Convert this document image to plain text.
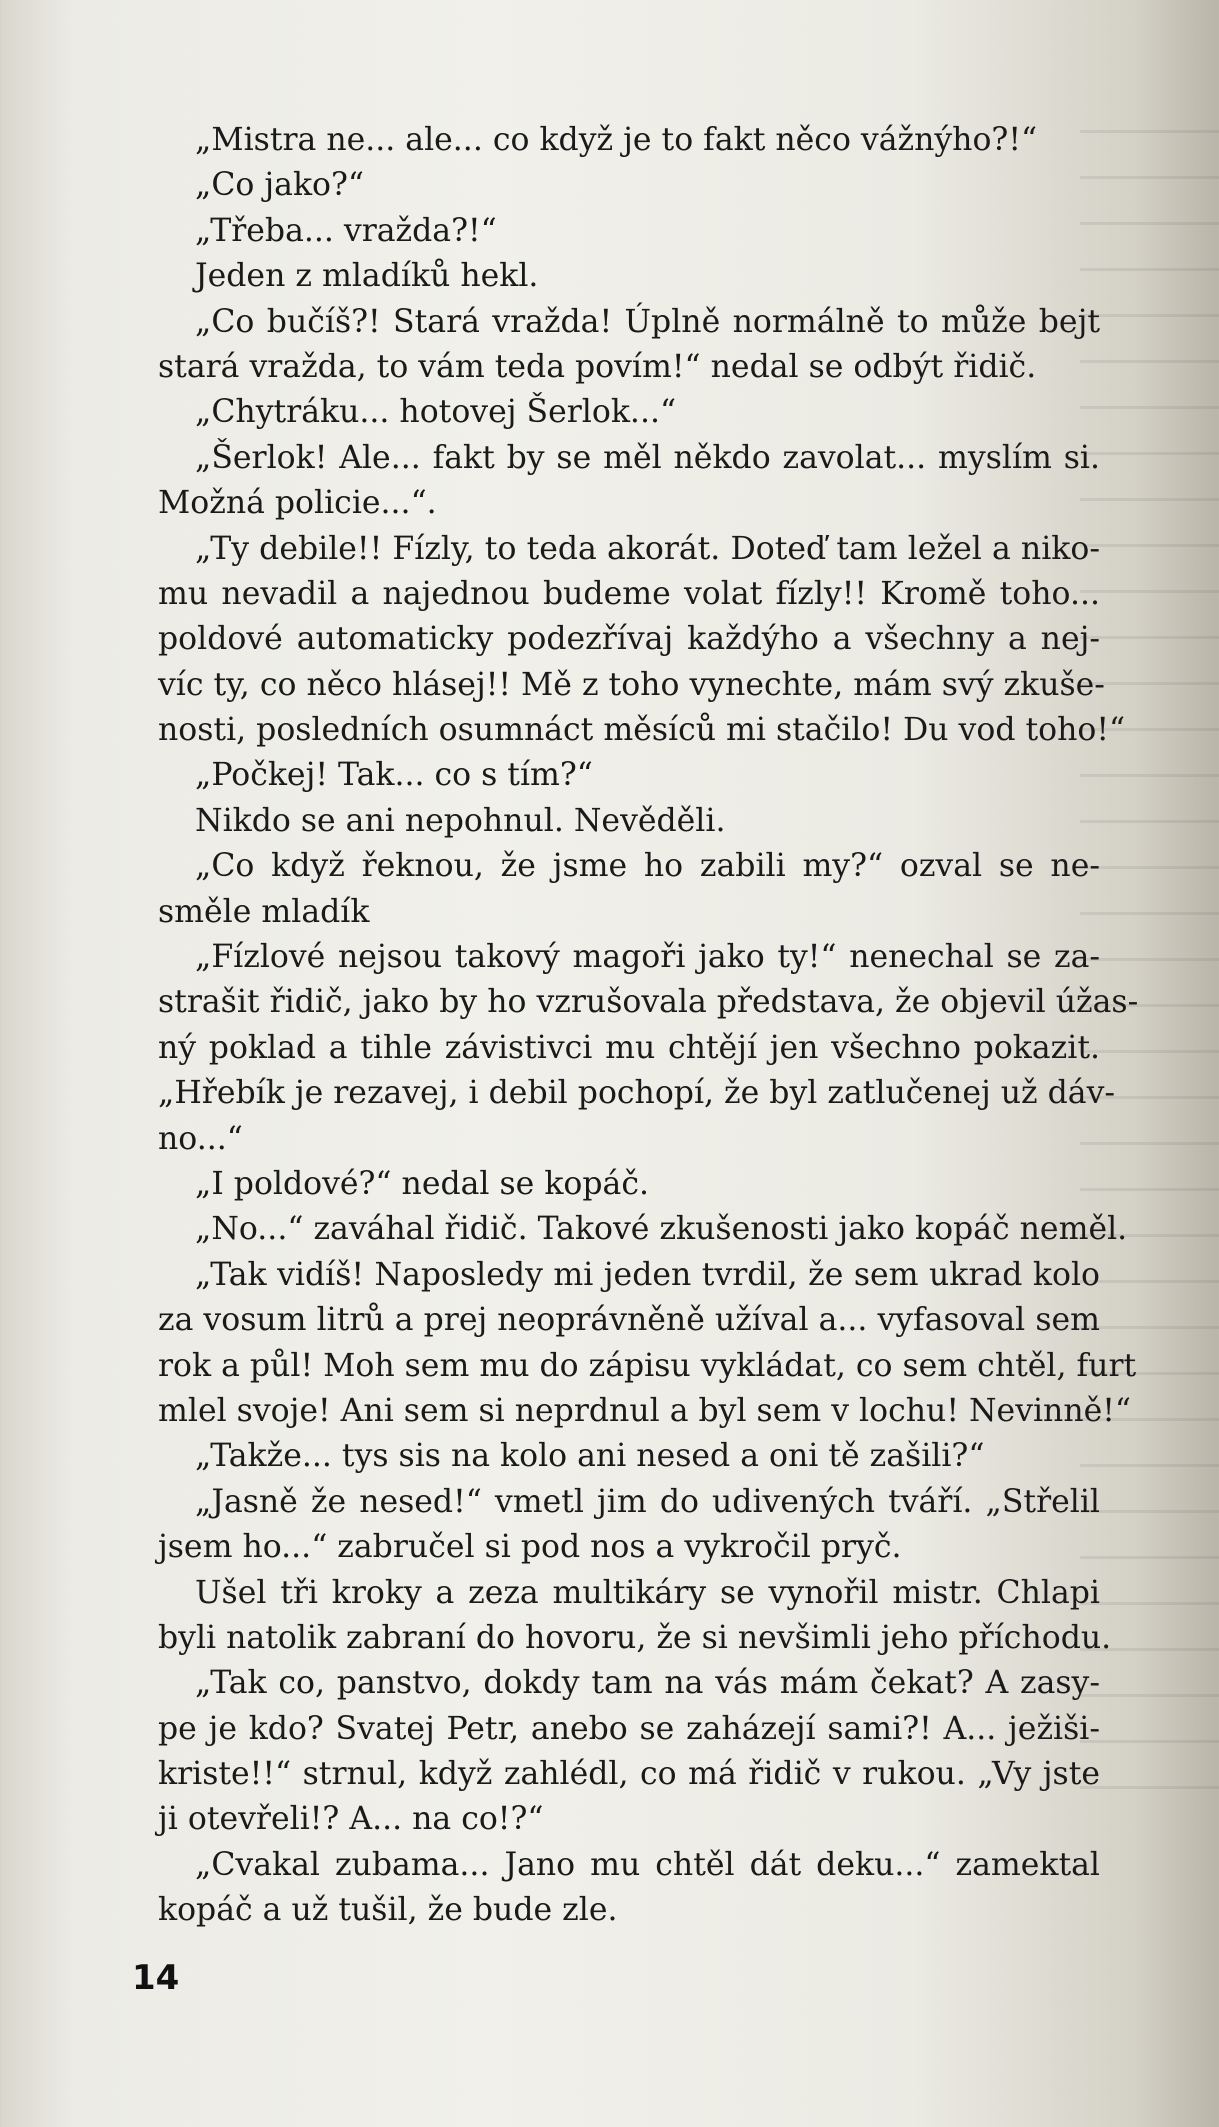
„Mistra ne... ale... co když je to fakt něco vážnýho?!“
„Co jako?“
„Třeba... vražda?!“
Jeden z mladíků hekl.
„Co bučíš?! Stará vražda! Úplně normálně to může bejt
stará vražda, to vám teda povím!“ nedal se odbýt řidič.
„Chytráku... hotovej Šerlok...“
„Šerlok! Ale... fakt by se měl někdo zavolat... myslím si.
Možná policie...“.
„Ty debile!! Fízly, to teda akorát. Doteď tam ležel a niko-
mu nevadil a najednou budeme volat fízly!! Kromě toho...
poldové automaticky podezřívaj každýho a všechny a nej-
víc ty, co něco hlásej!! Mě z toho vynechte, mám svý zkuše-
nosti, posledních osumnáct měsíců mi stačilo! Du vod toho!“
„Počkej! Tak... co s tím?“
Nikdo se ani nepohnul. Nevěděli.
„Co když řeknou, že jsme ho zabili my?“ ozval se ne-
směle mladík
„Fízlové nejsou takový magoři jako ty!“ nenechal se za-
strašit řidič, jako by ho vzrušovala představa, že objevil úžas-
ný poklad a tihle závistivci mu chtějí jen všechno pokazit.
„Hřebík je rezavej, i debil pochopí, že byl zatlučenej už dáv-
no...“
„I poldové?“ nedal se kopáč.
„No...“ zaváhal řidič. Takové zkušenosti jako kopáč neměl.
„Tak vidíš! Naposledy mi jeden tvrdil, že sem ukrad kolo
za vosum litrů a prej neoprávněně užíval a... vyfasoval sem
rok a půl! Moh sem mu do zápisu vykládat, co sem chtěl, furt
mlel svoje! Ani sem si neprdnul a byl sem v lochu! Nevinně!“
„Takže... tys sis na kolo ani nesed a oni tě zašili?“
„Jasně že nesed!“ vmetl jim do udivených tváří. „Střelil
jsem ho...“ zabručel si pod nos a vykročil pryč.
Ušel tři kroky a zeza multikáry se vynořil mistr. Chlapi
byli natolik zabraní do hovoru, že si nevšimli jeho příchodu.
„Tak co, panstvo, dokdy tam na vás mám čekat? A zasy-
pe je kdo? Svatej Petr, anebo se zaházejí sami?! A... ježiši-
kriste!!“ strnul, když zahlédl, co má řidič v rukou. „Vy jste
ji otevřeli!? A... na co!?“
„Cvakal zubama... Jano mu chtěl dát deku...“ zamektal
kopáč a už tušil, že bude zle.
14
